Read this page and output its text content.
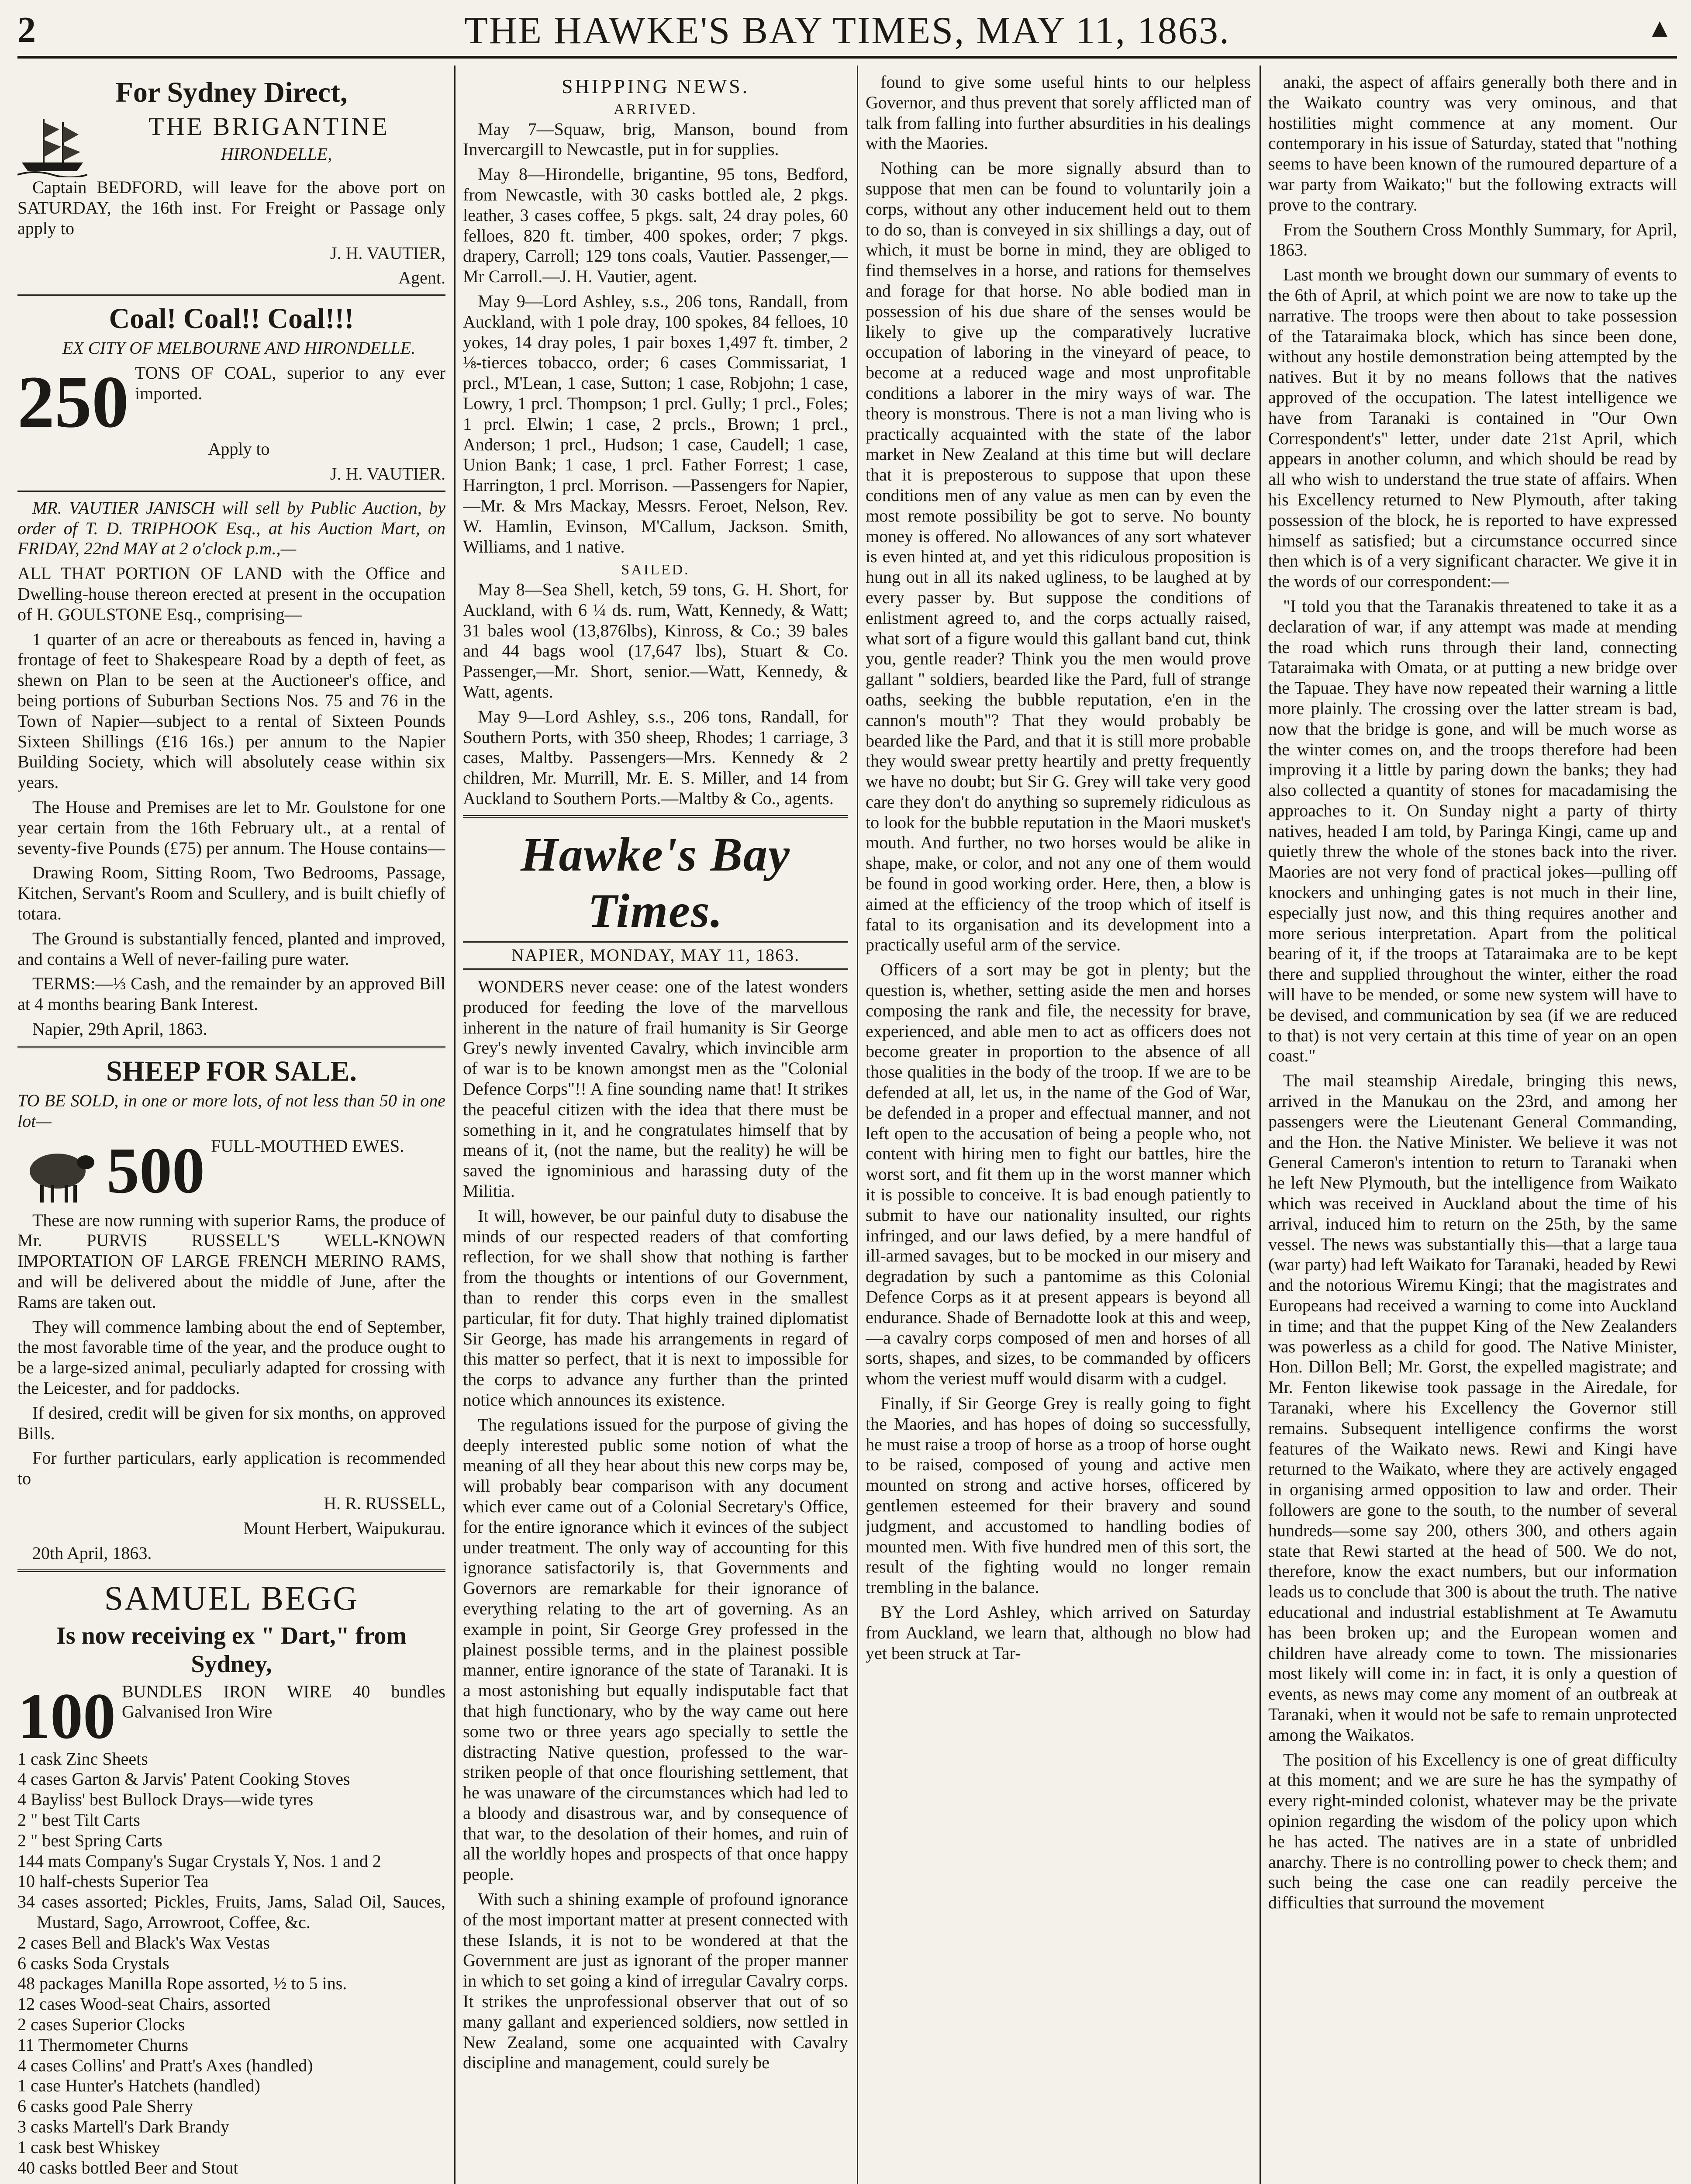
2	THE HAWKE'S BAY TIMES, MAY 11, 1863.	▲
For Sydney Direct,
THE BRIGANTINE

HIRONDELLE,

Captain BEDFORD, will leave for the above port on SATURDAY, the 16th inst. For Freight or Passage only apply to

J. H. VAUTIER,

Agent.

Coal! Coal!! Coal!!!

EX CITY OF MELBOURNE AND HIRONDELLE.

250 TONS OF COAL, superior to any ever imported.

Apply to

J. H. VAUTIER.

MR. VAUTIER JANISCH will sell by Public Auction, by order of T. D. TRIPHOOK Esq., at his Auction Mart, on FRIDAY, 22nd MAY at 2 o'clock p.m.,—

ALL THAT PORTION OF LAND with the Office and Dwelling-house thereon erected at present in the occupation of H. GOULSTONE Esq., comprising—

1 quarter of an acre or thereabouts as fenced in, having a frontage of feet to Shakespeare Road by a depth of feet, as shewn on Plan to be seen at the Auctioneer's office, and being portions of Suburban Sections Nos. 75 and 76 in the Town of Napier—subject to a rental of Sixteen Pounds Sixteen Shillings (£16 16s.) per annum to the Napier Building Society, which will absolutely cease within six years.

The House and Premises are let to Mr. Goulstone for one year certain from the 16th February ult., at a rental of seventy-five Pounds (£75) per annum. The House contains—

Drawing Room, Sitting Room, Two Bedrooms, Passage, Kitchen, Servant's Room and Scullery, and is built chiefly of totara.

The Ground is substantially fenced, planted and improved, and contains a Well of never-failing pure water.

TERMS:—⅓ Cash, and the remainder by an approved Bill at 4 months bearing Bank Interest.

Napier, 29th April, 1863.

SHEEP FOR SALE.

TO BE SOLD, in one or more lots, of not less than 50 in one lot—

500 FULL-MOUTHED EWES.

These are now running with superior Rams, the produce of Mr. PURVIS RUSSELL'S WELL-KNOWN IMPORTATION OF LARGE FRENCH MERINO RAMS, and will be delivered about the middle of June, after the Rams are taken out.

They will commence lambing about the end of September, the most favorable time of the year, and the produce ought to be a large-sized animal, peculiarly adapted for crossing with the Leicester, and for paddocks.

If desired, credit will be given for six months, on approved Bills.

For further particulars, early application is recommended to

H. R. RUSSELL,

Mount Herbert, Waipukurau.

20th April, 1863.

SAMUEL BEGG
Is now receiving ex " Dart," from Sydney,
100 BUNDLES IRON WIRE 40 bundles Galvanised Iron Wire

1 cask Zinc Sheets
4 cases Garton & Jarvis' Patent Cooking Stoves
4 Bayliss' best Bullock Drays—wide tyres
2 " best Tilt Carts
2 " best Spring Carts
144 mats Company's Sugar Crystals Y, Nos. 1 and 2
10 half-chests Superior Tea
34 cases assorted; Pickles, Fruits, Jams, Salad Oil, Sauces, Mustard, Sago, Arrowroot, Coffee, &c.
2 cases Bell and Black's Wax Vestas
6 casks Soda Crystals
48 packages Manilla Rope assorted, ½ to 5 ins.
12 cases Wood-seat Chairs, assorted
2 cases Superior Clocks
11 Thermometer Churns
4 cases Collins' and Pratt's Axes (handled)
1 case Hunter's Hatchets (handled)
6 casks good Pale Sherry
3 casks Martell's Dark Brandy
1 cask best Whiskey
40 casks bottled Beer and Stout

SHIPPING NEWS.
ARRIVED.

May 7—Squaw, brig, Manson, bound from Invercargill to Newcastle, put in for supplies.

May 8—Hirondelle, brigantine, 95 tons, Bedford, from Newcastle, with 30 casks bottled ale, 2 pkgs. leather, 3 cases coffee, 5 pkgs. salt, 24 dray poles, 60 felloes, 820 ft. timber, 400 spokes, order; 7 pkgs. drapery, Carroll; 129 tons coals, Vautier. Passenger,—Mr Carroll.—J. H. Vautier, agent.

May 9—Lord Ashley, s.s., 206 tons, Randall, from Auckland, with 1 pole dray, 100 spokes, 84 felloes, 10 yokes, 14 dray poles, 1 pair boxes 1,497 ft. timber, 2 ⅛-tierces tobacco, order; 6 cases Commissariat, 1 prcl., M'Lean, 1 case, Sutton; 1 case, Robjohn; 1 case, Lowry, 1 prcl. Thompson; 1 prcl. Gully; 1 prcl., Foles; 1 prcl. Elwin; 1 case, 2 prcls., Brown; 1 prcl., Anderson; 1 prcl., Hudson; 1 case, Caudell; 1 case, Union Bank; 1 case, 1 prcl. Father Forrest; 1 case, Harrington, 1 prcl. Morrison. —Passengers for Napier,—Mr. & Mrs Mackay, Messrs. Feroet, Nelson, Rev. W. Hamlin, Evinson, M'Callum, Jackson. Smith, Williams, and 1 native.

SAILED.

May 8—Sea Shell, ketch, 59 tons, G. H. Short, for Auckland, with 6 ¼ ds. rum, Watt, Kennedy, & Watt; 31 bales wool (13,876lbs), Kinross, & Co.; 39 bales and 44 bags wool (17,647 lbs), Stuart & Co. Passenger,—Mr. Short, senior.—Watt, Kennedy, & Watt, agents.

May 9—Lord Ashley, s.s., 206 tons, Randall, for Southern Ports, with 350 sheep, Rhodes; 1 carriage, 3 cases, Maltby. Passengers—Mrs. Kennedy & 2 children, Mr. Murrill, Mr. E. S. Miller, and 14 from Auckland to Southern Ports.—Maltby & Co., agents.

Hawke's Bay Times.
NAPIER, MONDAY, MAY 11, 1863.

WONDERS never cease: one of the latest wonders produced for feeding the love of the marvellous inherent in the nature of frail humanity is Sir George Grey's newly invented Cavalry, which invincible arm of war is to be known amongst men as the "Colonial Defence Corps"!! A fine sounding name that! It strikes the peaceful citizen with the idea that there must be something in it, and he congratulates himself that by means of it, (not the name, but the reality) he will be saved the ignominious and harassing duty of the Militia.

It will, however, be our painful duty to disabuse the minds of our respected readers of that comforting reflection, for we shall show that nothing is farther from the thoughts or intentions of our Government, than to render this corps even in the smallest particular, fit for duty. That highly trained diplomatist Sir George, has made his arrangements in regard of this matter so perfect, that it is next to impossible for the corps to advance any further than the printed notice which announces its existence.

The regulations issued for the purpose of giving the deeply interested public some notion of what the meaning of all they hear about this new corps may be, will probably bear comparison with any document which ever came out of a Colonial Secretary's Office, for the entire ignorance which it evinces of the subject under treatment. The only way of accounting for this ignorance satisfactorily is, that Governments and Governors are remarkable for their ignorance of everything relating to the art of governing. As an example in point, Sir George Grey professed in the plainest possible terms, and in the plainest possible manner, entire ignorance of the state of Taranaki. It is a most astonishing but equally indisputable fact that that high functionary, who by the way came out here some two or three years ago specially to settle the distracting Native question, professed to the war-striken people of that once flourishing settlement, that he was unaware of the circumstances which had led to a bloody and disastrous war, and by consequence of that war, to the desolation of their homes, and ruin of all the worldly hopes and prospects of that once happy people.

With such a shining example of profound ignorance of the most important matter at present connected with these Islands, it is not to be wondered at that the Government are just as ignorant of the proper manner in which to set going a kind of irregular Cavalry corps. It strikes the unprofessional observer that out of so many gallant and experienced soldiers, now settled in New Zealand, some one acquainted with Cavalry discipline and management, could surely be

found to give some useful hints to our helpless Governor, and thus prevent that sorely afflicted man of talk from falling into further absurdities in his dealings with the Maories.

Nothing can be more signally absurd than to suppose that men can be found to voluntarily join a corps, without any other inducement held out to them to do so, than is conveyed in six shillings a day, out of which, it must be borne in mind, they are obliged to find themselves in a horse, and rations for themselves and forage for that horse. No able bodied man in possession of his due share of the senses would be likely to give up the comparatively lucrative occupation of laboring in the vineyard of peace, to become at a reduced wage and most unprofitable conditions a laborer in the miry ways of war. The theory is monstrous. There is not a man living who is practically acquainted with the state of the labor market in New Zealand at this time but will declare that it is preposterous to suppose that upon these conditions men of any value as men can by even the most remote possibility be got to serve. No bounty money is offered. No allowances of any sort whatever is even hinted at, and yet this ridiculous proposition is hung out in all its naked ugliness, to be laughed at by every passer by. But suppose the conditions of enlistment agreed to, and the corps actually raised, what sort of a figure would this gallant band cut, think you, gentle reader? Think you the men would prove gallant " soldiers, bearded like the Pard, full of strange oaths, seeking the bubble reputation, e'en in the cannon's mouth"? That they would probably be bearded like the Pard, and that it is still more probable they would swear pretty heartily and pretty frequently we have no doubt; but Sir G. Grey will take very good care they don't do anything so supremely ridiculous as to look for the bubble reputation in the Maori musket's mouth. And further, no two horses would be alike in shape, make, or color, and not any one of them would be found in good working order. Here, then, a blow is aimed at the efficiency of the troop which of itself is fatal to its organisation and its development into a practically useful arm of the service.

Officers of a sort may be got in plenty; but the question is, whether, setting aside the men and horses composing the rank and file, the necessity for brave, experienced, and able men to act as officers does not become greater in proportion to the absence of all those qualities in the body of the troop. If we are to be defended at all, let us, in the name of the God of War, be defended in a proper and effectual manner, and not left open to the accusation of being a people who, not content with hiring men to fight our battles, hire the worst sort, and fit them up in the worst manner which it is possible to conceive. It is bad enough patiently to submit to have our nationality insulted, our rights infringed, and our laws defied, by a mere handful of ill-armed savages, but to be mocked in our misery and degradation by such a pantomime as this Colonial Defence Corps as it at present appears is beyond all endurance. Shade of Bernadotte look at this and weep,—a cavalry corps composed of men and horses of all sorts, shapes, and sizes, to be commanded by officers whom the veriest muff would disarm with a cudgel.

Finally, if Sir George Grey is really going to fight the Maories, and has hopes of doing so successfully, he must raise a troop of horse as a troop of horse ought to be raised, composed of young and active men mounted on strong and active horses, officered by gentlemen esteemed for their bravery and sound judgment, and accustomed to handling bodies of mounted men. With five hundred men of this sort, the result of the fighting would no longer remain trembling in the balance.

BY the Lord Ashley, which arrived on Saturday from Auckland, we learn that, although no blow had yet been struck at Tar-

anaki, the aspect of affairs generally both there and in the Waikato country was very ominous, and that hostilities might commence at any moment. Our contemporary in his issue of Saturday, stated that "nothing seems to have been known of the rumoured departure of a war party from Waikato;" but the following extracts will prove to the contrary.

From the Southern Cross Monthly Summary, for April, 1863.

Last month we brought down our summary of events to the 6th of April, at which point we are now to take up the narrative. The troops were then about to take possession of the Tataraimaka block, which has since been done, without any hostile demonstration being attempted by the natives. But it by no means follows that the natives approved of the occupation. The latest intelligence we have from Taranaki is contained in "Our Own Correspondent's" letter, under date 21st April, which appears in another column, and which should be read by all who wish to understand the true state of affairs. When his Excellency returned to New Plymouth, after taking possession of the block, he is reported to have expressed himself as satisfied; but a circumstance occurred since then which is of a very significant character. We give it in the words of our correspondent:—

"I told you that the Taranakis threatened to take it as a declaration of war, if any attempt was made at mending the road which runs through their land, connecting Tataraimaka with Omata, or at putting a new bridge over the Tapuae. They have now repeated their warning a little more plainly. The crossing over the latter stream is bad, now that the bridge is gone, and will be much worse as the winter comes on, and the troops therefore had been improving it a little by paring down the banks; they had also collected a quantity of stones for macadamising the approaches to it. On Sunday night a party of thirty natives, headed I am told, by Paringa Kingi, came up and quietly threw the whole of the stones back into the river. Maories are not very fond of practical jokes—pulling off knockers and unhinging gates is not much in their line, especially just now, and this thing requires another and more serious interpretation. Apart from the political bearing of it, if the troops at Tataraimaka are to be kept there and supplied throughout the winter, either the road will have to be mended, or some new system will have to be devised, and communication by sea (if we are reduced to that) is not very certain at this time of year on an open coast."

The mail steamship Airedale, bringing this news, arrived in the Manukau on the 23rd, and among her passengers were the Lieutenant General Commanding, and the Hon. the Native Minister. We believe it was not General Cameron's intention to return to Taranaki when he left New Plymouth, but the intelligence from Waikato which was received in Auckland about the time of his arrival, induced him to return on the 25th, by the same vessel. The news was substantially this—that a large taua (war party) had left Waikato for Taranaki, headed by Rewi and the notorious Wiremu Kingi; that the magistrates and Europeans had received a warning to come into Auckland in time; and that the puppet King of the New Zealanders was powerless as a child for good. The Native Minister, Hon. Dillon Bell; Mr. Gorst, the expelled magistrate; and Mr. Fenton likewise took passage in the Airedale, for Taranaki, where his Excellency the Governor still remains. Subsequent intelligence confirms the worst features of the Waikato news. Rewi and Kingi have returned to the Waikato, where they are actively engaged in organising armed opposition to law and order. Their followers are gone to the south, to the number of several hundreds—some say 200, others 300, and others again state that Rewi started at the head of 500. We do not, therefore, know the exact numbers, but our information leads us to conclude that 300 is about the truth. The native educational and industrial establishment at Te Awamutu has been broken up; and the European women and children have already come to town. The missionaries most likely will come in: in fact, it is only a question of events, as news may come any moment of an outbreak at Taranaki, when it would not be safe to remain unprotected among the Waikatos.

The position of his Excellency is one of great difficulty at this moment; and we are sure he has the sympathy of every right-minded colonist, whatever may be the private opinion regarding the wisdom of the policy upon which he has acted. The natives are in a state of unbridled anarchy. There is no controlling power to check them; and such being the case one can readily perceive the difficulties that surround the movement
